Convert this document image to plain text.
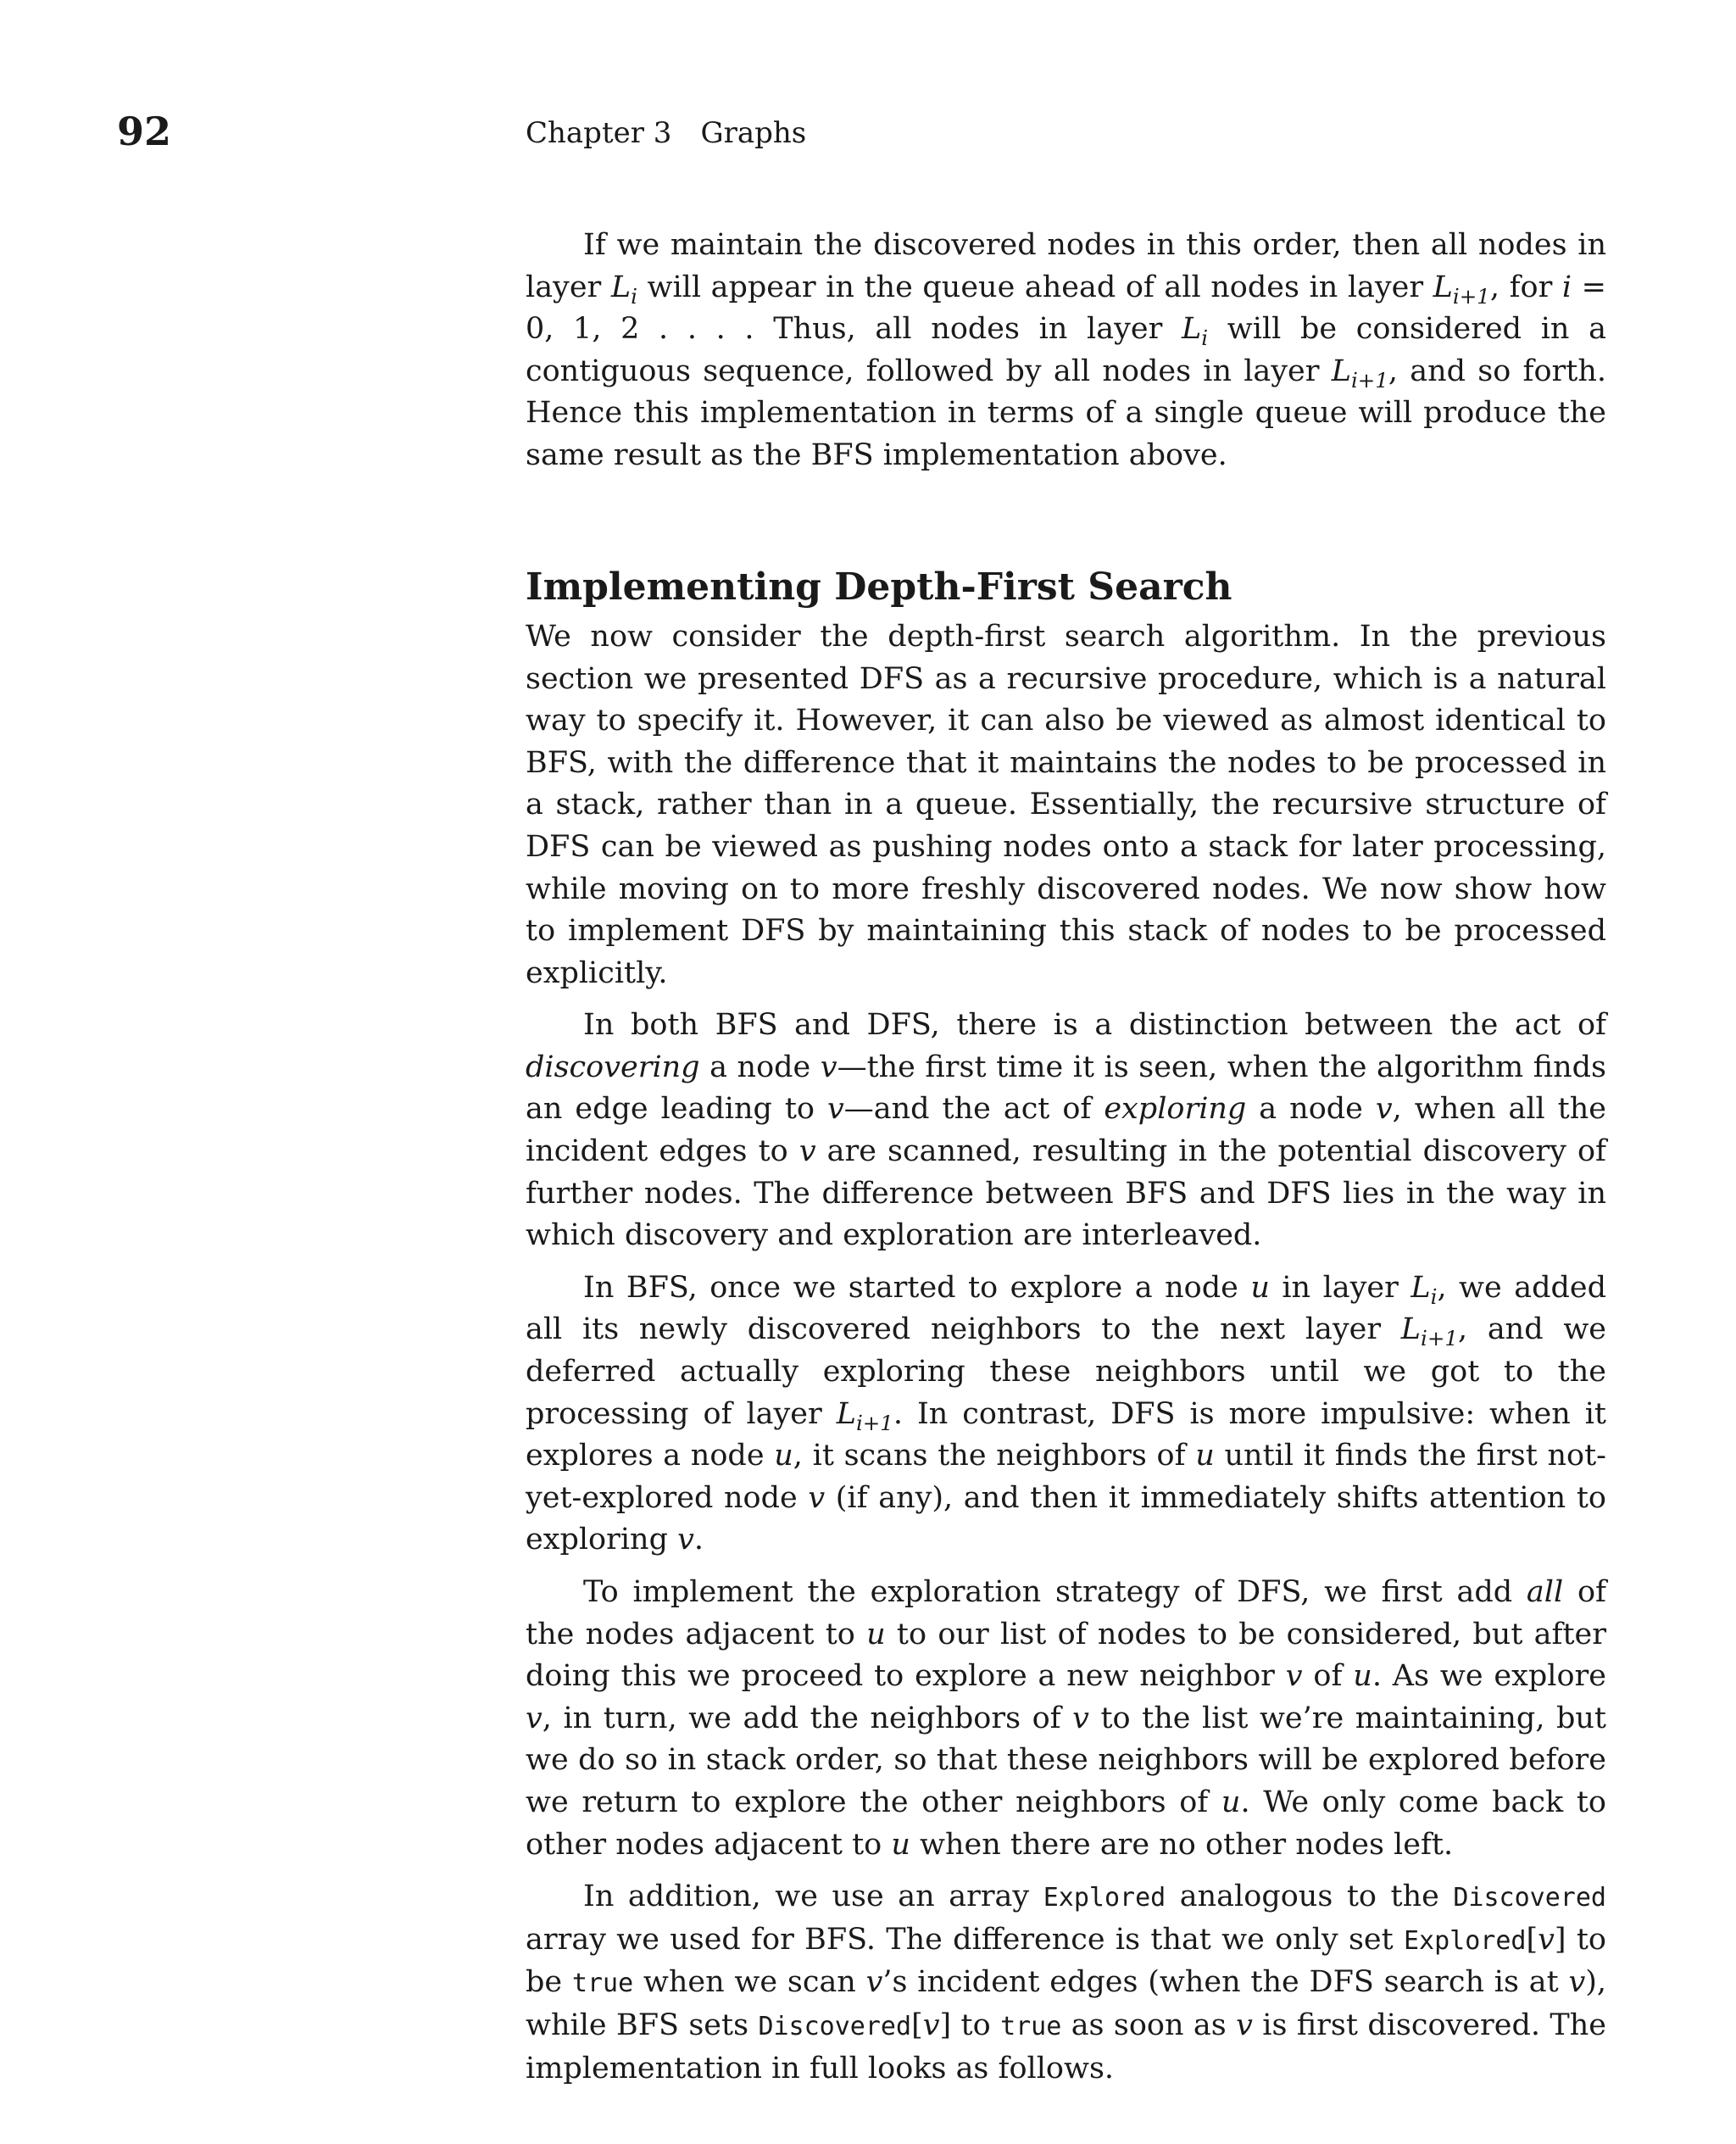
92	Chapter 3 Graphs

If we maintain the discovered nodes in this order, then all nodes in layer $L_i$ will appear in the queue ahead of all nodes in layer $L_{i+1}$, for i = 0, 1, 2 . . . . Thus, all nodes in layer $L_i$ will be considered in a contiguous sequence, followed by all nodes in layer $L_{i+1}$, and so forth. Hence this implementation in terms of a single queue will produce the same result as the BFS implementation above.

Implementing Depth-First Search

We now consider the depth-first search algorithm. In the previous section we presented DFS as a recursive procedure, which is a natural way to specify it. However, it can also be viewed as almost identical to BFS, with the difference that it maintains the nodes to be processed in a stack, rather than in a queue. Essentially, the recursive structure of DFS can be viewed as pushing nodes onto a stack for later processing, while moving on to more freshly discovered nodes. We now show how to implement DFS by maintaining this stack of nodes to be processed explicitly.

In both BFS and DFS, there is a distinction between the act of discovering a node v—the first time it is seen, when the algorithm finds an edge leading to v—and the act of exploring a node v, when all the incident edges to v are scanned, resulting in the potential discovery of further nodes. The difference between BFS and DFS lies in the way in which discovery and exploration are interleaved.

In BFS, once we started to explore a node u in layer $L_i$, we added all its newly discovered neighbors to the next layer $L_{i+1}$, and we deferred actually exploring these neighbors until we got to the processing of layer $L_{i+1}$. In contrast, DFS is more impulsive: when it explores a node u, it scans the neighbors of u until it finds the first not-yet-explored node v (if any), and then it immediately shifts attention to exploring v.

To implement the exploration strategy of DFS, we first add all of the nodes adjacent to u to our list of nodes to be considered, but after doing this we proceed to explore a new neighbor v of u. As we explore v, in turn, we add the neighbors of v to the list we’re maintaining, but we do so in stack order, so that these neighbors will be explored before we return to explore the other neighbors of u. We only come back to other nodes adjacent to u when there are no other nodes left.

In addition, we use an array Explored analogous to the Discovered array we used for BFS. The difference is that we only set Explored[v] to be true when we scan v’s incident edges (when the DFS search is at v), while BFS sets Discovered[v] to true as soon as v is first discovered. The implementation in full looks as follows.
